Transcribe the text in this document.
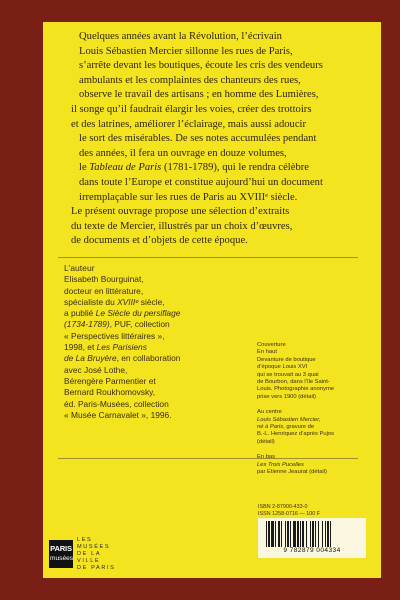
Quelques années avant la Révolution, l’écrivain

Louis Sébastien Mercier sillonne les rues de Paris,

s’arrête devant les boutiques, écoute les cris des vendeurs

ambulants et les complaintes des chanteurs des rues,

observe le travail des artisans ; en homme des Lumières,

il songe qu’il faudrait élargir les voies, créer des trottoirs

et des latrines, améliorer l’éclairage, mais aussi adoucir

le sort des misérables. De ses notes accumulées pendant

des années, il fera un ouvrage en douze volumes,

le Tableau de Paris (1781-1789), qui le rendra célèbre

dans toute l’Europe et constitue aujourd’hui un document

irremplaçable sur les rues de Paris au XVIIIᵉ siècle.

Le présent ouvrage propose une sélection d’extraits

du texte de Mercier, illustrés par un choix d’œuvres,

de documents et d’objets de cette époque.

L’auteur

Elisabeth Bourguinat,

docteur en littérature,

spécialiste du XVIIIᵉ siècle,

a publié Le Siècle du persiflage

(1734-1789), PUF, collection

« Perspectives littéraires »,

1998, et Les Parisiens

de La Bruyère, en collaboration

avec José Lothe,

Bérengère Parmentier et

Bernard Roukhomovsky,

éd. Paris-Musées, collection

« Musée Carnavalet », 1996.

Couverture

En haut

Devanture de boutique

d’époque Louis XVI

qui se trouvait au 3 quai

de Bourbon, dans l’île Saint-

Louis. Photographie anonyme

prise vers 1900 (détail)

Au centre

Louis Sébastien Mercier,

né à Paris, gravure de

B.-L. Henriquez d’après Pujos

(détail)

En bas

Les Trois Pucelles

par Etienne Jeaurat (détail)

ISBN 2-87900-433-0
ISSN 1258-0716 — 100 F
9 782879 004334
PARIS
musées

LES

MUSÉES

DE LA

VILLE

DE PARIS
